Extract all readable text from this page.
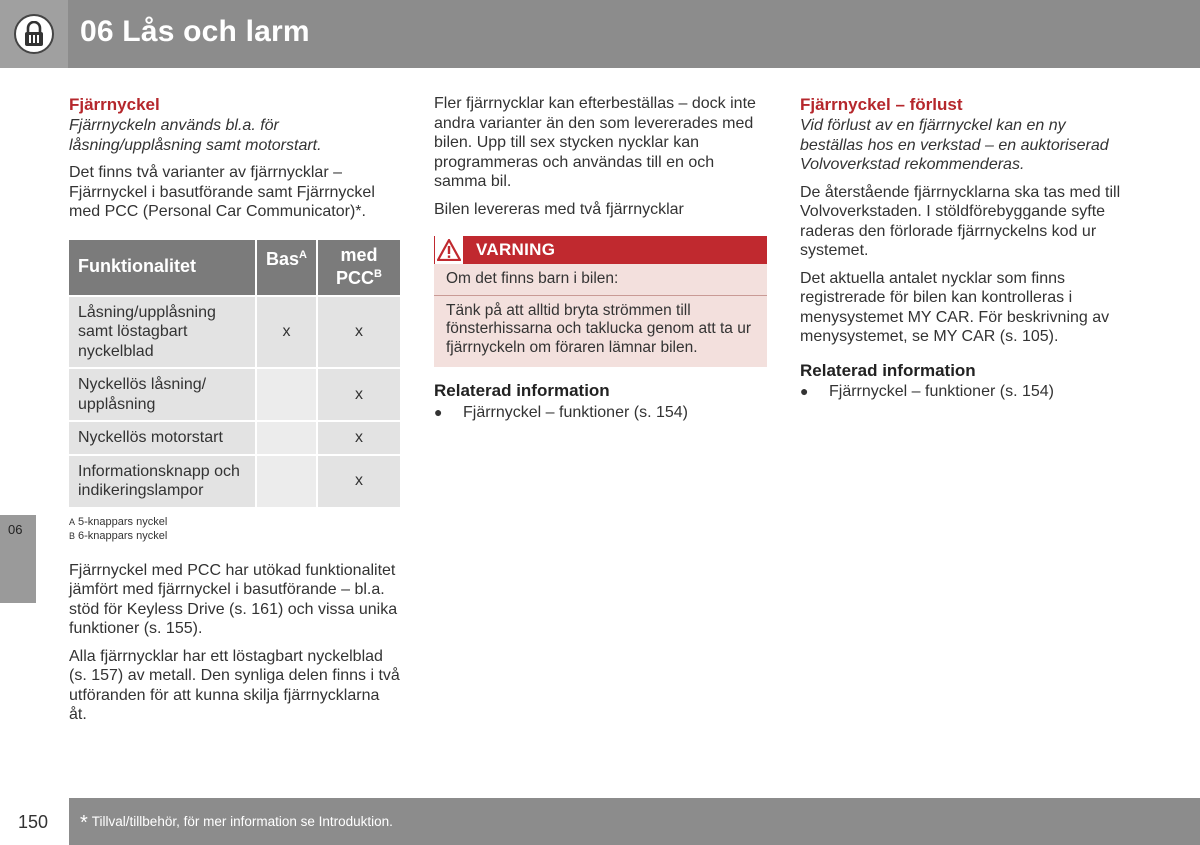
06 Lås och larm
06
Fjärrnyckel
Fjärrnyckeln används bl.a. för låsning/upplåsning samt motorstart.

Det finns två varianter av fjärrnycklar – Fjärrnyckel i basutförande samt Fjärrnyckel med PCC (Personal Car Communicator)*.

Funktionalitet	Bas$^A$	med $PCC^B$
Låsning/upplåsning samt löstagbart nyckelblad	x	x
Nyckellös låsning/ upplåsning		x
Nyckellös motorstart		x
Informationsknapp och indikeringslampor		x
$^A$ 5-knappars nyckel
$^B$ 6-knappars nyckel

Fjärrnyckel med PCC har utökad funktionalitet jämfört med fjärrnyckel i basutförande – bl.a. stöd för Keyless Drive (s. 161) och vissa unika funktioner (s. 155).

Alla fjärrnycklar har ett löstagbart nyckelblad (s. 157) av metall. Den synliga delen finns i två utföranden för att kunna skilja fjärrnycklarna åt.

Fler fjärrnycklar kan efterbeställas – dock inte andra varianter än den som levererades med bilen. Upp till sex stycken nycklar kan programmeras och användas till en och samma bil.

Bilen levereras med två fjärrnycklar

VARNING
Om det finns barn i bilen:
Tänk på att alltid bryta strömmen till fönsterhissarna och taklucka genom att ta ur fjärrnyckeln om föraren lämnar bilen.
Relaterad information
●	Fjärrnyckel – funktioner (s. 154)
Fjärrnyckel – förlust
Vid förlust av en fjärrnyckel kan en ny beställas hos en verkstad – en auktoriserad Volvoverkstad rekommenderas.

De återstående fjärrnycklarna ska tas med till Volvoverkstaden. I stöldförebyggande syfte raderas den förlorade fjärrnyckelns kod ur systemet.

Det aktuella antalet nycklar som finns registrerade för bilen kan kontrolleras i menysystemet MY CAR. För beskrivning av menysystemet, se MY CAR (s. 105).

Relaterad information
●	Fjärrnyckel – funktioner (s. 154)
150 * Tillval/tillbehör, för mer information se Introduktion.
